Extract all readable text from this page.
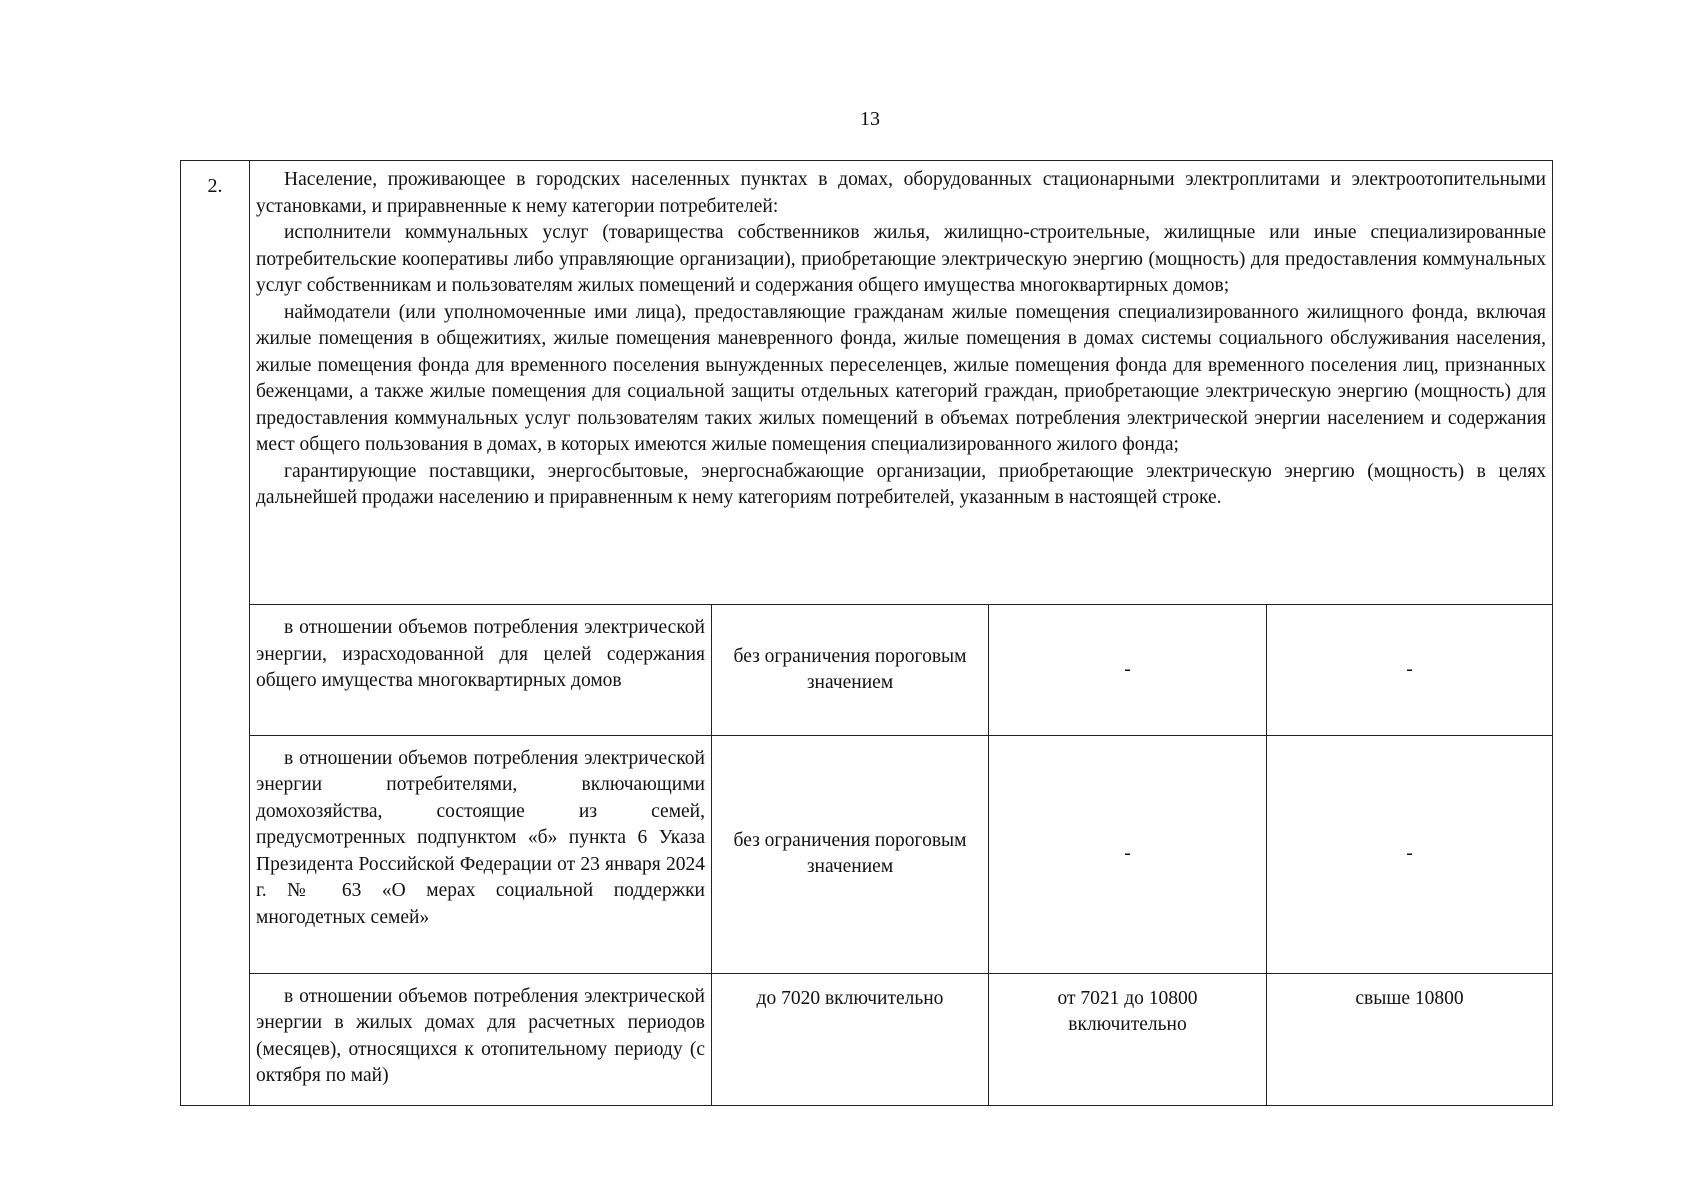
13
2.	Население, проживающее в городских населенных пунктах в домах, оборудованных стационарными электроплитами и электроотопительными установками, и приравненные к нему категории потребителей:

исполнители коммунальных услуг (товарищества собственников жилья, жилищно-строительные, жилищные или иные специализированные потребительские кооперативы либо управляющие организации), приобретающие электрическую энергию (мощность) для предоставления коммунальных услуг собственникам и пользователям жилых помещений и содержания общего имущества многоквартирных домов;

наймодатели (или уполномоченные ими лица), предоставляющие гражданам жилые помещения специализированного жилищного фонда, включая жилые помещения в общежитиях, жилые помещения маневренного фонда, жилые помещения в домах системы социального обслуживания населения, жилые помещения фонда для временного поселения вынужденных переселенцев, жилые помещения фонда для временного поселения лиц, признанных беженцами, а также жилые помещения для социальной защиты отдельных категорий граждан, приобретающие электрическую энергию (мощность) для предоставления коммунальных услуг пользователям таких жилых помещений в объемах потребления электрической энергии населением и содержания мест общего пользования в домах, в которых имеются жилые помещения специализированного жилого фонда;

гарантирующие поставщики, энергосбытовые, энергоснабжающие организации, приобретающие электрическую энергию (мощность) в целях дальнейшей продажи населению и приравненным к нему категориям потребителей, указанным в настоящей строке.			

	в отношении объемов потребления электрической энергии, израсходованной для целей содержания общего имущества многоквартирных домов	без ограничения пороговым значением	-	-

	в отношении объемов потребления электрической энергии потребителями, включающими домохозяйства, состоящие из семей, предусмотренных подпунктом «б» пункта 6 Указа Президента Российской Федерации от 23 января 2024 г. № 63 «О мерах социальной поддержки многодетных семей»	без ограничения пороговым значением	-	-

	в отношении объемов потребления электрической энергии в жилых домах для расчетных периодов (месяцев), относящихся к отопительному периоду (с октября по май)	до 7020 включительно	от 7021 до 10800 включительно	свыше 10800
